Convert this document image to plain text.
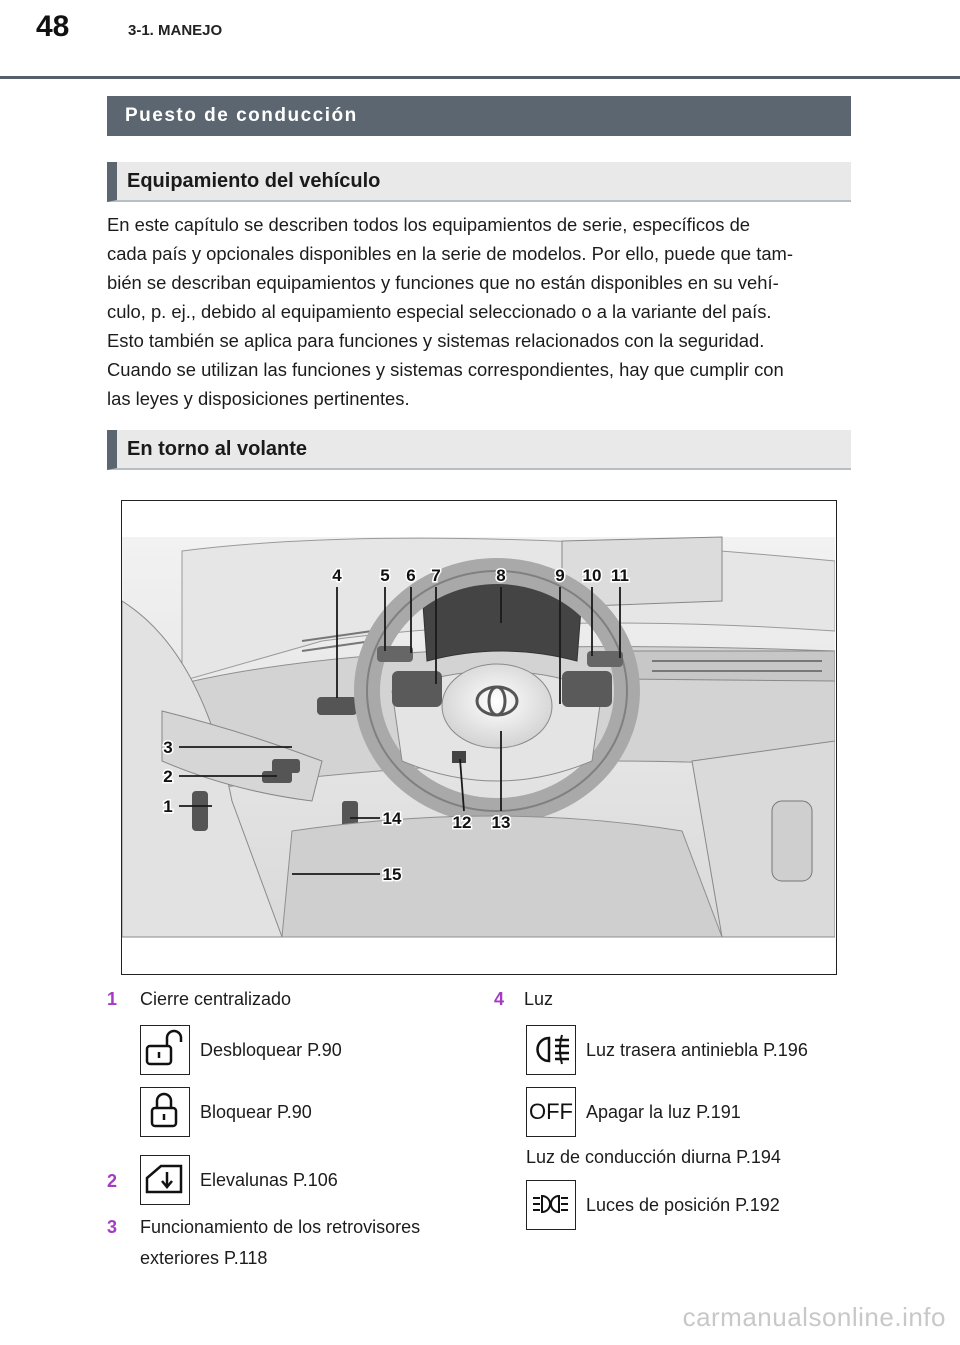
48	3-1. MANEJO
Puesto de conducción
Equipamiento del vehículo

En este capítulo se describen todos los equipamientos de serie, específicos de

cada país y opcionales disponibles en la serie de modelos. Por ello, puede que tam-

bién se describan equipamientos y funciones que no están disponibles en su vehí-

culo, p. ej., debido al equipamiento especial seleccionado o a la variante del país.

Esto también se aplica para funciones y sistemas relacionados con la seguridad.

Cuando se utilizan las funciones y sistemas correspondientes, hay que cumplir con

las leyes y disposiciones pertinentes.

En torno al volante
4 5 6 7	8	9 10 11
3
2
1
12 13
14
15
1 Cierre centralizado
Desbloquear P.90
Bloquear P.90
2	Elevalunas P.106
3 Funcionamiento de los retrovisores
exteriores P.118
4 Luz
Luz trasera antiniebla P.196
OFF Apagar la luz P.191
Luz de conducción diurna P.194
Luces de posición P.192
carmanualsonline.info
